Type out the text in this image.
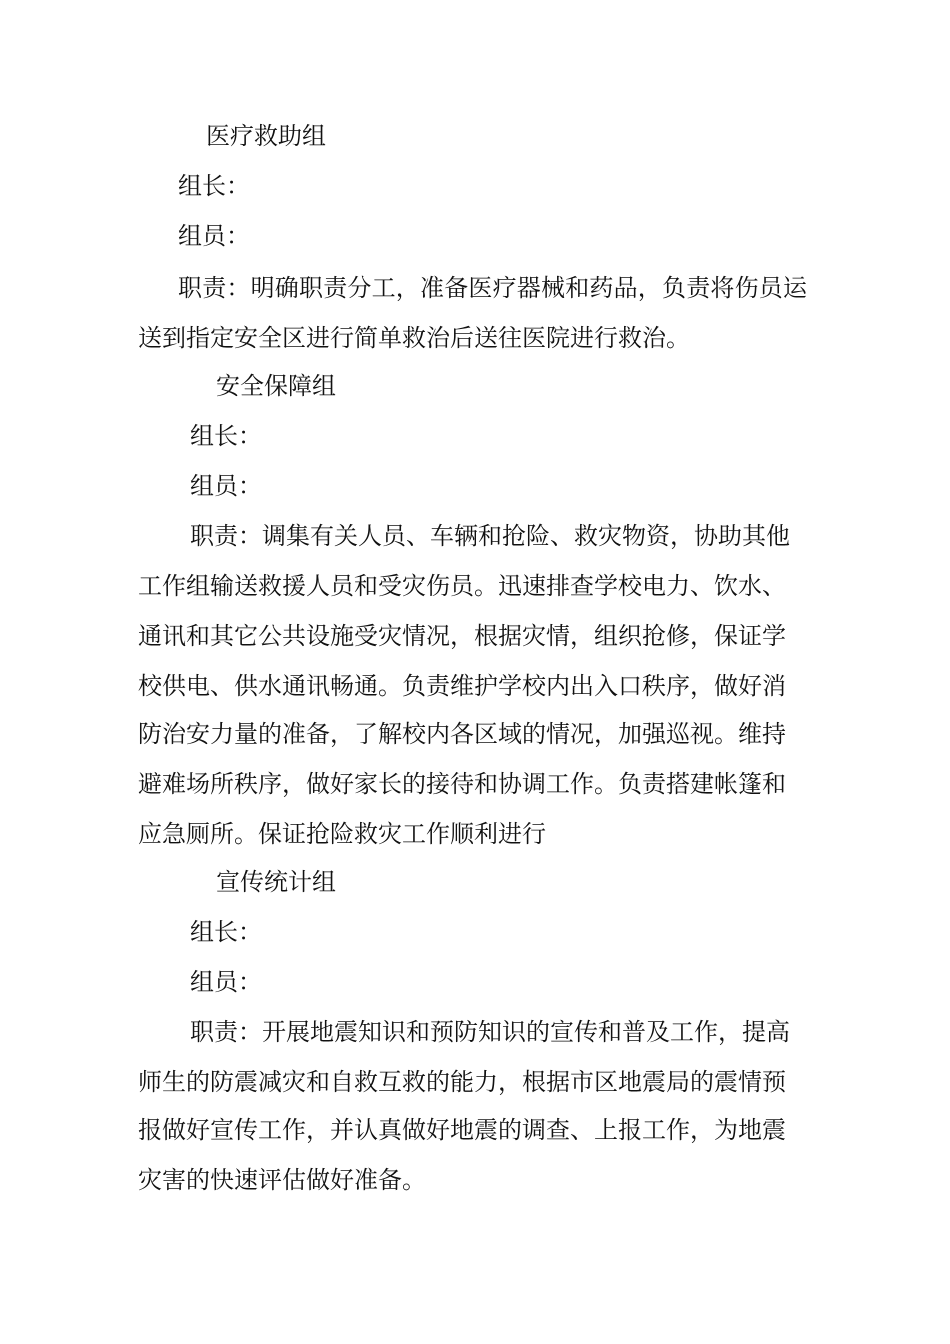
医疗救助组
组长：
组员：
职责：明确职责分工，准备医疗器械和药品，负责将伤员运
送到指定安全区进行简单救治后送往医院进行救治。
安全保障组
组长：
组员：
职责：调集有关人员、车辆和抢险、救灾物资，协助其他
工作组输送救援人员和受灾伤员。迅速排查学校电力、饮水、
通讯和其它公共设施受灾情况，根据灾情，组织抢修，保证学
校供电、供水通讯畅通。负责维护学校内出入口秩序，做好消
防治安力量的准备，了解校内各区域的情况，加强巡视。维持
避难场所秩序，做好家长的接待和协调工作。负责搭建帐篷和
应急厕所。保证抢险救灾工作顺利进行
宣传统计组
组长：
组员：
职责：开展地震知识和预防知识的宣传和普及工作，提高
师生的防震减灾和自救互救的能力，根据市区地震局的震情预
报做好宣传工作，并认真做好地震的调查、上报工作，为地震
灾害的快速评估做好准备。
